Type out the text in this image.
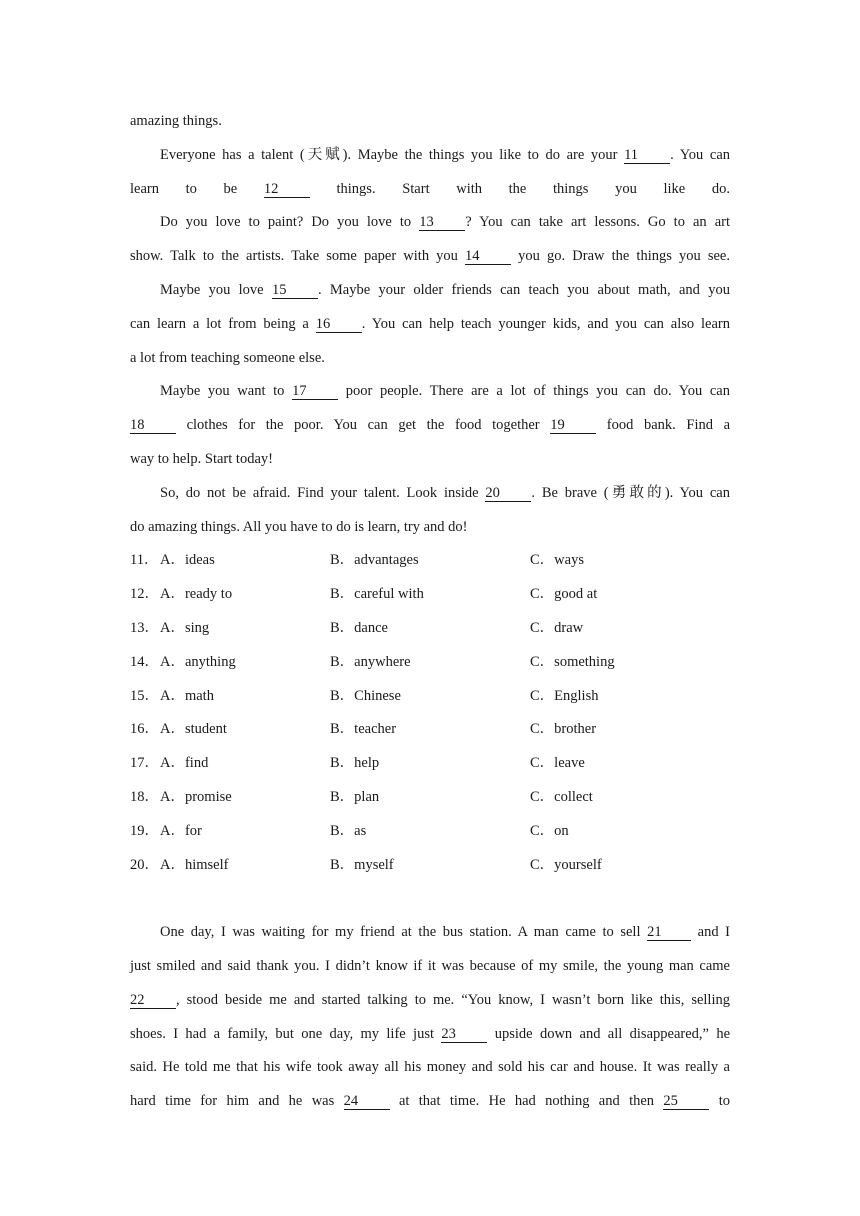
amazing things.
Everyone has a talent (天赋). Maybe the things you like to do are your 11 . You can
learn to be 12 things. Start with the things you like do.
Do you love to paint? Do you love to 13 ? You can take art lessons. Go to an art
show. Talk to the artists. Take some paper with you 14 you go. Draw the things you see.
Maybe you love 15 . Maybe your older friends can teach you about math, and you
can learn a lot from being a 16 . You can help teach younger kids, and you can also learn
a lot from teaching someone else.
Maybe you want to 17 poor people. There are a lot of things you can do. You can
18 clothes for the poor. You can get the food together 19 food bank. Find a
way to help. Start today!
So, do not be afraid. Find your talent. Look inside 20 . Be brave (勇敢的). You can
do amazing things. All you have to do is learn, try and do!
11． A．ideas	B．advantages	C．ways
12． A．ready to	B．careful with	C．good at
13． A．sing	B．dance	C．draw
14． A．anything	B．anywhere	C．something
15． A．math	B．Chinese	C．English
16． A．student	B．teacher	C．brother
17． A．find	B．help	C．leave
18． A．promise	B．plan	C．collect
19． A．for	B．as	C．on
20． A．himself	B．myself	C．yourself
One day, I was waiting for my friend at the bus station. A man came to sell 21 and I
just smiled and said thank you. I didn’t know if it was because of my smile, the young man came
22 , stood beside me and started talking to me. “You know, I wasn’t born like this, selling
shoes. I had a family, but one day, my life just 23 upside down and all disappeared,” he
said. He told me that his wife took away all his money and sold his car and house. It was really a
hard time for him and he was 24 at that time. He had nothing and then 25 to
